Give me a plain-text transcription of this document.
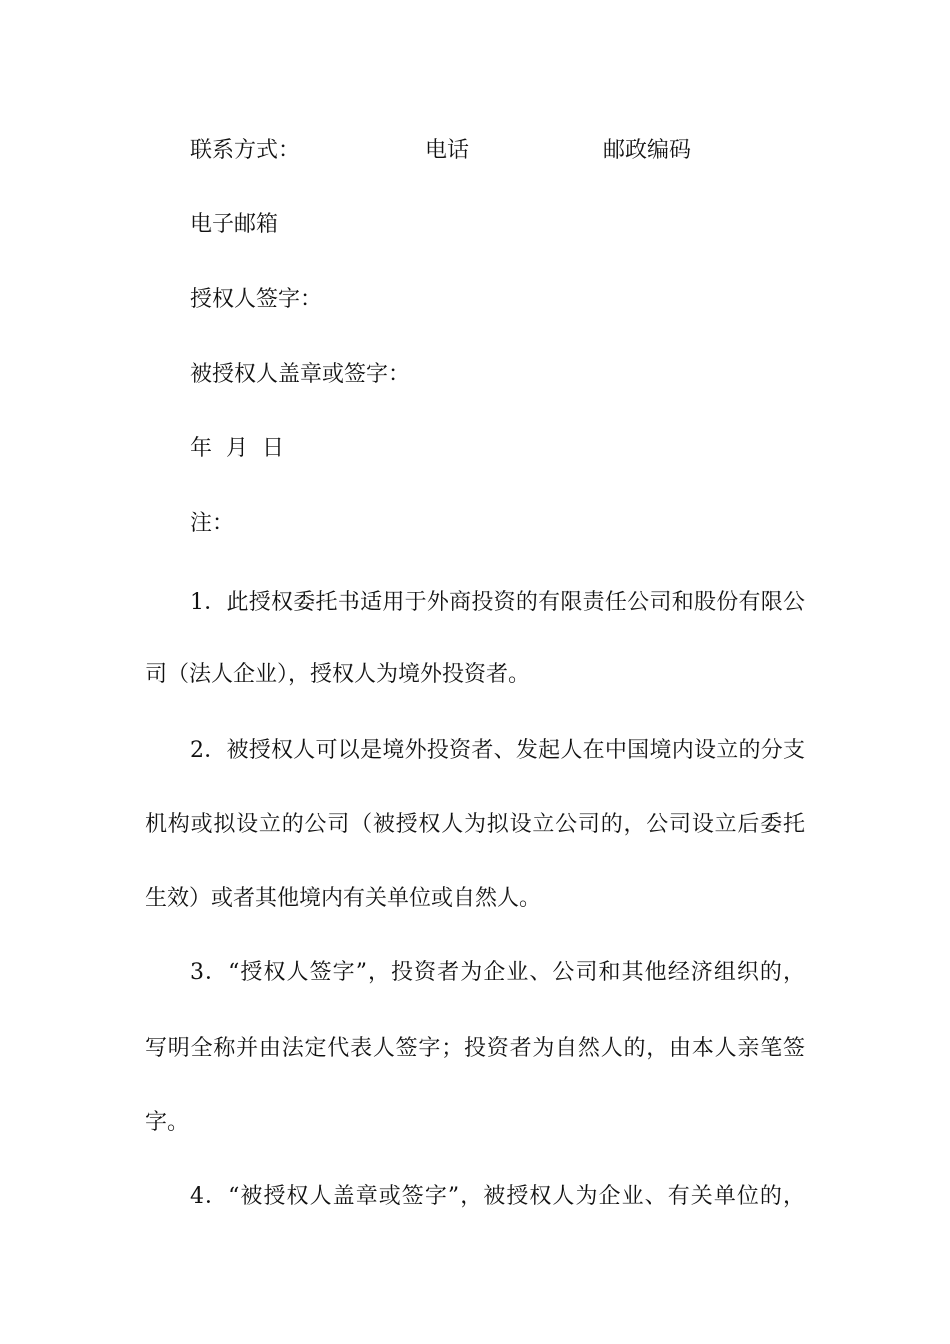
联系方式：	电话	邮政编码
电子邮箱
授权人签字：
被授权人盖章或签字：
年  月  日
注：
1．此授权委托书适用于外商投资的有限责任公司和股份有限公
司（法人企业），授权人为境外投资者。
2．被授权人可以是境外投资者、发起人在中国境内设立的分支
机构或拟设立的公司（被授权人为拟设立公司的，公司设立后委托
生效）或者其他境内有关单位或自然人。
3．“授权人签字”，投资者为企业、公司和其他经济组织的，
写明全称并由法定代表人签字；投资者为自然人的，由本人亲笔签
字。
4．“被授权人盖章或签字”，被授权人为企业、有关单位的，
